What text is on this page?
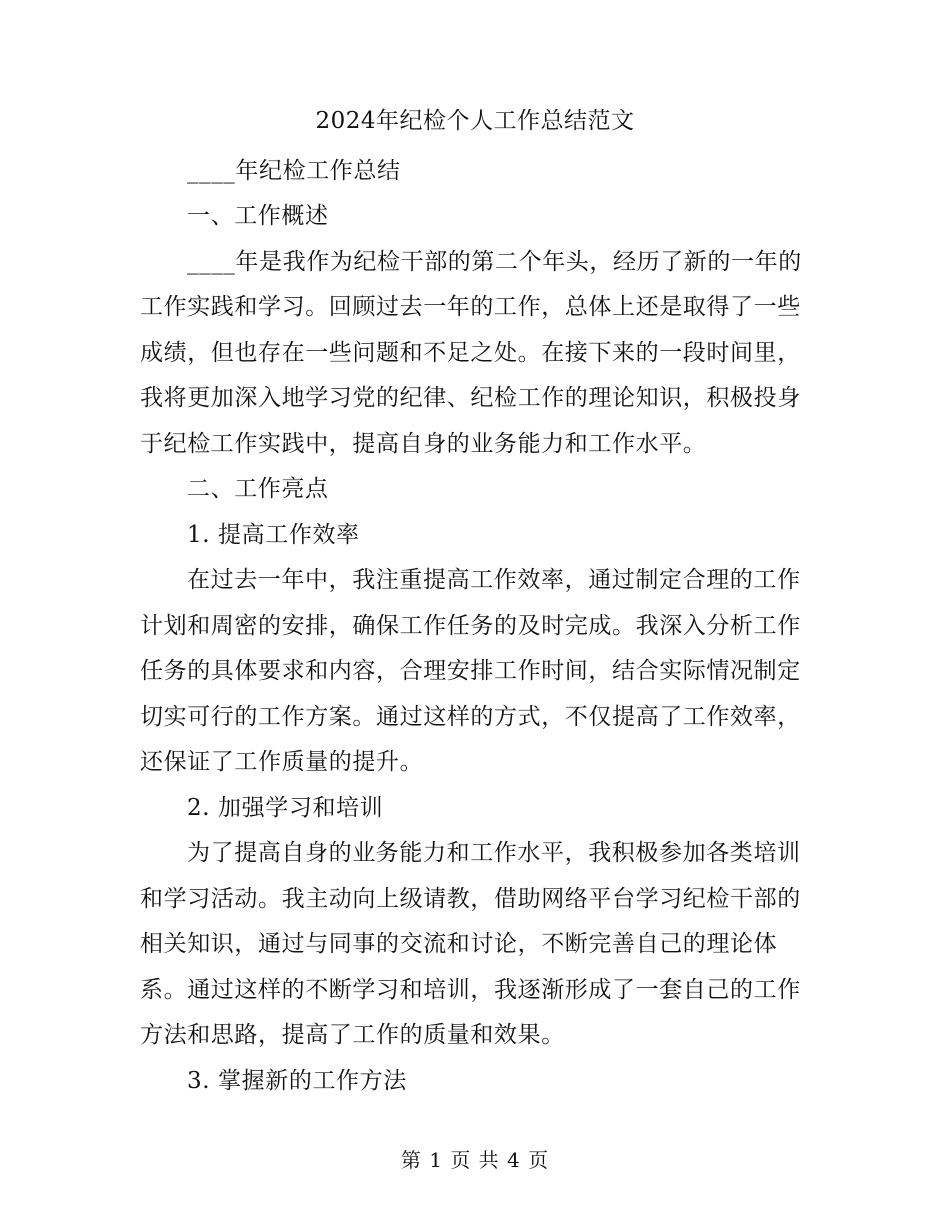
2024年纪检个人工作总结范文
____年纪检工作总结
一、工作概述
____年是我作为纪检干部的第二个年头，经历了新的一年的
工作实践和学习。回顾过去一年的工作，总体上还是取得了一些
成绩，但也存在一些问题和不足之处。在接下来的一段时间里，
我将更加深入地学习党的纪律、纪检工作的理论知识，积极投身
于纪检工作实践中，提高自身的业务能力和工作水平。
二、工作亮点
1. 提高工作效率
在过去一年中，我注重提高工作效率，通过制定合理的工作
计划和周密的安排，确保工作任务的及时完成。我深入分析工作
任务的具体要求和内容，合理安排工作时间，结合实际情况制定
切实可行的工作方案。通过这样的方式，不仅提高了工作效率，
还保证了工作质量的提升。
2. 加强学习和培训
为了提高自身的业务能力和工作水平，我积极参加各类培训
和学习活动。我主动向上级请教，借助网络平台学习纪检干部的
相关知识，通过与同事的交流和讨论，不断完善自己的理论体
系。通过这样的不断学习和培训，我逐渐形成了一套自己的工作
方法和思路，提高了工作的质量和效果。
3. 掌握新的工作方法
第 1 页 共 4 页
